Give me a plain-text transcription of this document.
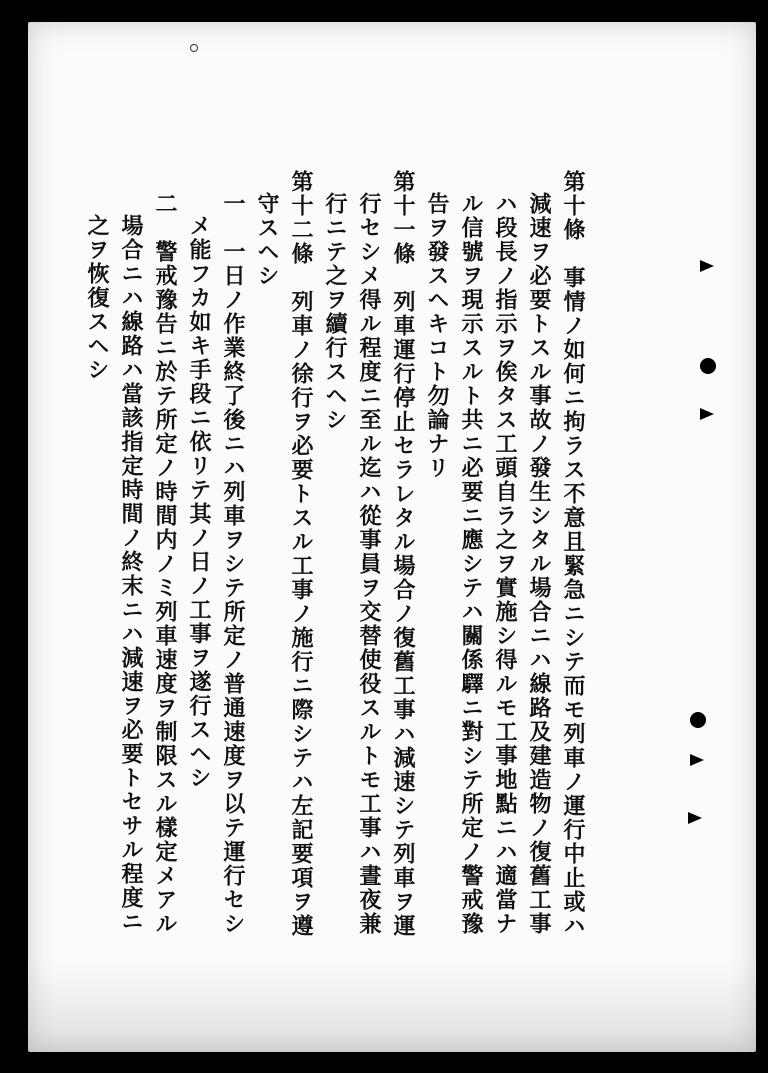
第十條　事情ノ如何ニ拘ラス不意且緊急ニシテ而モ列車ノ運行中止或ハ
減速ヲ必要トスル事故ノ發生シタル場合ニハ線路及建造物ノ復舊工事
ハ段長ノ指示ヲ俟タス工頭自ラ之ヲ實施シ得ルモ工事地點ニハ適當ナ
ル信號ヲ現示スルト共ニ必要ニ應シテハ關係驛ニ對シテ所定ノ警戒豫
告ヲ發スヘキコト勿論ナリ
第十一條　列車運行停止セラレタル場合ノ復舊工事ハ減速シテ列車ヲ運
行セシメ得ル程度ニ至ル迄ハ從事員ヲ交替使役スルトモ工事ハ晝夜兼
行ニテ之ヲ續行スヘシ
第十二條　列車ノ徐行ヲ必要トスル工事ノ施行ニ際シテハ左記要項ヲ遵
守スヘシ
一　一日ノ作業終了後ニハ列車ヲシテ所定ノ普通速度ヲ以テ運行セシ
メ能フカ如キ手段ニ依リテ其ノ日ノ工事ヲ遂行スヘシ
二　警戒豫告ニ於テ所定ノ時間内ノミ列車速度ヲ制限スル樣定メアル
場合ニハ線路ハ當該指定時間ノ終末ニハ減速ヲ必要トセサル程度ニ
之ヲ恢復スヘシ
